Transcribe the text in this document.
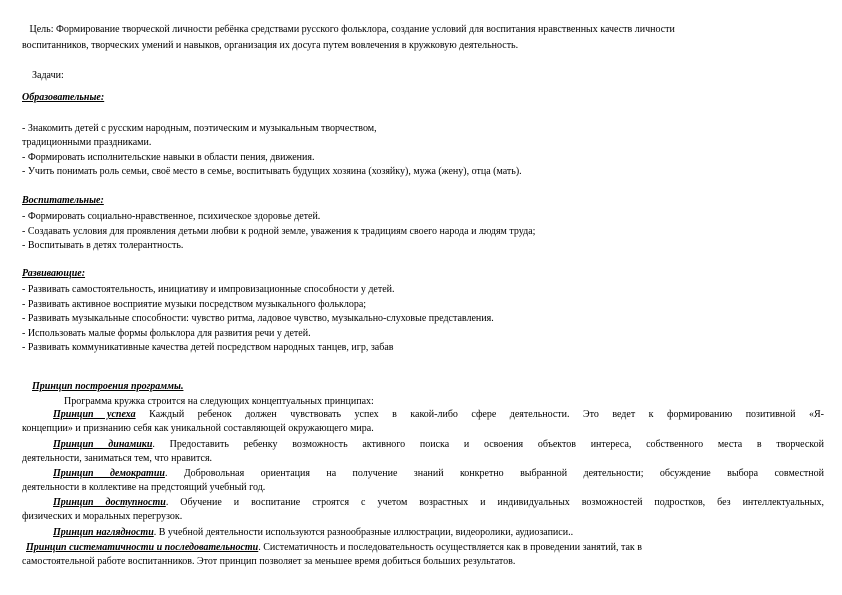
Цель: Формирование творческой личности ребёнка средствами русского фольклора, создание условий для воспитания нравственных качеств личности
воспитанников, творческих умений и навыков, организация их досуга путем вовлечения в кружковую деятельность.
Задачи:
Образовательные:
- Знакомить детей с русским народным, поэтическим и музыкальным творчеством,
традиционными праздниками.
- Формировать исполнительские навыки в области пения, движения.
- Учить понимать роль семьи, своё место в семье, воспитывать будущих хозяина (хозяйку), мужа (жену), отца (мать).
Воспитательные:
- Формировать социально-нравственное, психическое здоровье детей.
- Создавать условия для проявления детьми любви к родной земле, уважения к традициям своего народа и людям труда;
- Воспитывать в детях толерантность.
Развивающие:
- Развивать самостоятельность, инициативу и импровизационные способности у детей.
- Развивать активное восприятие музыки посредством музыкального фольклора;
- Развивать музыкальные способности: чувство ритма, ладовое чувство, музыкально-слуховые представления.
- Использовать малые формы фольклора для развития речи у детей.
- Развивать коммуникативные качества детей посредством народных танцев, игр, забав
Принцип построения программы.
Программа кружка строится на следующих концептуальных принципах:
Принцип успеха Каждый ребенок должен чувствовать успех в какой-либо сфере деятельности. Это ведет к формированию позитивной «Я-
концепции» и признанию себя как уникальной составляющей окружающего мира.
Принцип динамики. Предоставить ребенку возможность активного поиска и освоения объектов интереса, собственного места в творческой
деятельности, заниматься тем, что нравится.
Принцип демократии. Добровольная ориентация на получение знаний конкретно выбранной деятельности; обсуждение выбора совместной
деятельности в коллективе на предстоящий учебный год.
Принцип доступности. Обучение и воспитание строятся с учетом возрастных и индивидуальных возможностей подростков, без интеллектуальных,
физических и моральных перегрузок.
Принцип наглядности. В учебной деятельности используются разнообразные иллюстрации, видеоролики, аудиозаписи..
Принцип систематичности и последовательности. Систематичность и последовательность осуществляется как в проведении занятий, так в
самостоятельной работе воспитанников. Этот принцип позволяет за меньшее время добиться больших результатов.
